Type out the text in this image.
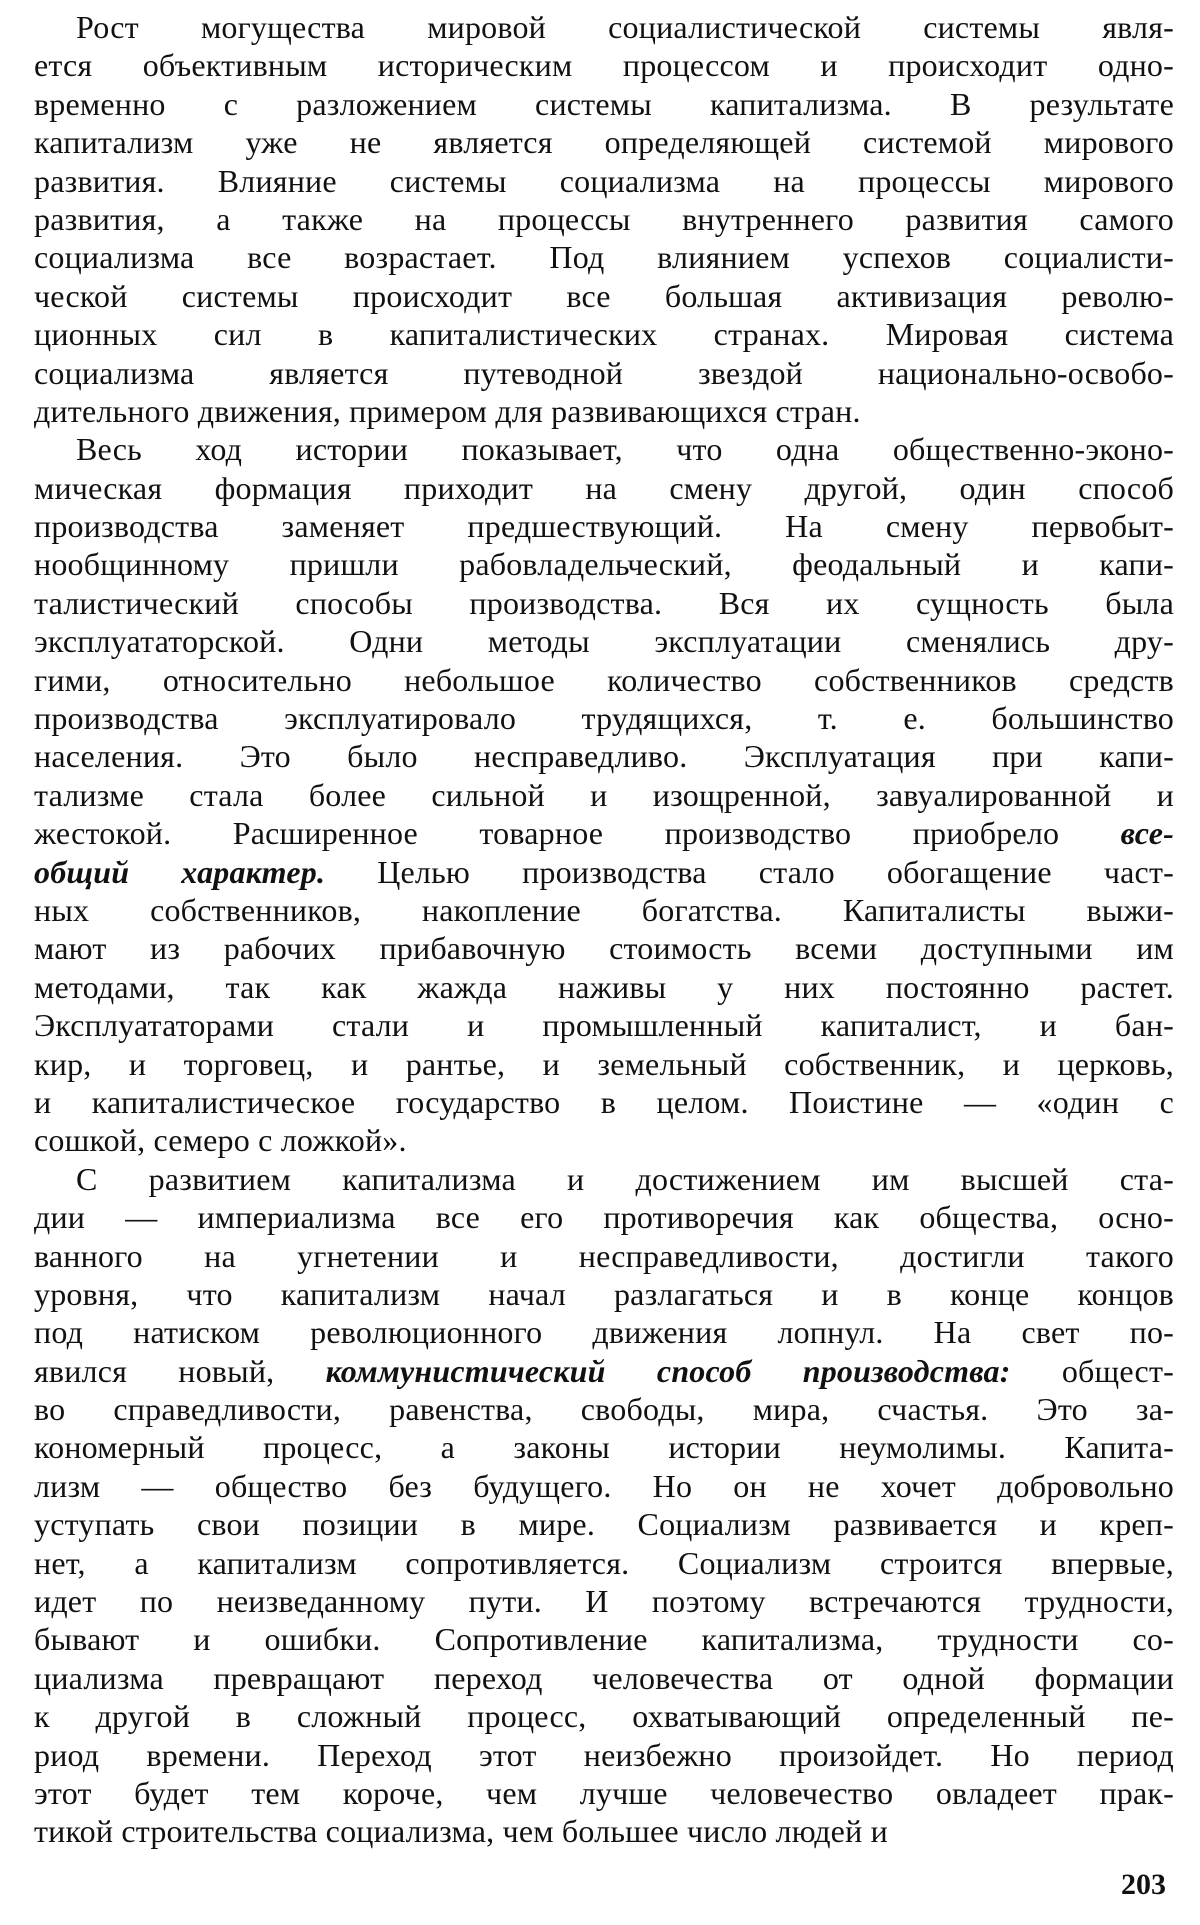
Рост могущества мировой социалистической системы явля-
ется объективным историческим процессом и происходит одно-
временно с разложением системы капитализма. В результате
капитализм уже не является определяющей системой мирового
развития. Влияние системы социализма на процессы мирового
развития, а также на процессы внутреннего развития самого
социализма все возрастает. Под влиянием успехов социалисти-
ческой системы происходит все большая активизация револю-
ционных сил в капиталистических странах. Мировая система
социализма является путеводной звездой национально-освобо-
дительного движения, примером для развивающихся стран.
Весь ход истории показывает, что одна общественно-эконо-
мическая формация приходит на смену другой, один способ
производства заменяет предшествующий. На смену первобыт-
нообщинному пришли рабовладельческий, феодальный и капи-
талистический способы производства. Вся их сущность была
эксплуататорской. Одни методы эксплуатации сменялись дру-
гими, относительно небольшое количество собственников средств
производства эксплуатировало трудящихся, т. е. большинство
населения. Это было несправедливо. Эксплуатация при капи-
тализме стала более сильной и изощренной, завуалированной и
жестокой. Расширенное товарное производство приобрело все-
общий характер. Целью производства стало обогащение част-
ных собственников, накопление богатства. Капиталисты выжи-
мают из рабочих прибавочную стоимость всеми доступными им
методами, так как жажда наживы у них постоянно растет.
Эксплуататорами стали и промышленный капиталист, и бан-
кир, и торговец, и рантье, и земельный собственник, и церковь,
и капиталистическое государство в целом. Поистине — «один с
сошкой, семеро с ложкой».
С развитием капитализма и достижением им высшей ста-
дии — империализма все его противоречия как общества, осно-
ванного на угнетении и несправедливости, достигли такого
уровня, что капитализм начал разлагаться и в конце концов
под натиском революционного движения лопнул. На свет по-
явился новый, коммунистический способ производства: общест-
во справедливости, равенства, свободы, мира, счастья. Это за-
кономерный процесс, а законы истории неумолимы. Капита-
лизм — общество без будущего. Но он не хочет добровольно
уступать свои позиции в мире. Социализм развивается и креп-
нет, а капитализм сопротивляется. Социализм строится впервые,
идет по неизведанному пути. И поэтому встречаются трудности,
бывают и ошибки. Сопротивление капитализма, трудности со-
циализма превращают переход человечества от одной формации
к другой в сложный процесс, охватывающий определенный пе-
риод времени. Переход этот неизбежно произойдет. Но период
этот будет тем короче, чем лучше человечество овладеет прак-
тикой строительства социализма, чем большее число людей и
203
